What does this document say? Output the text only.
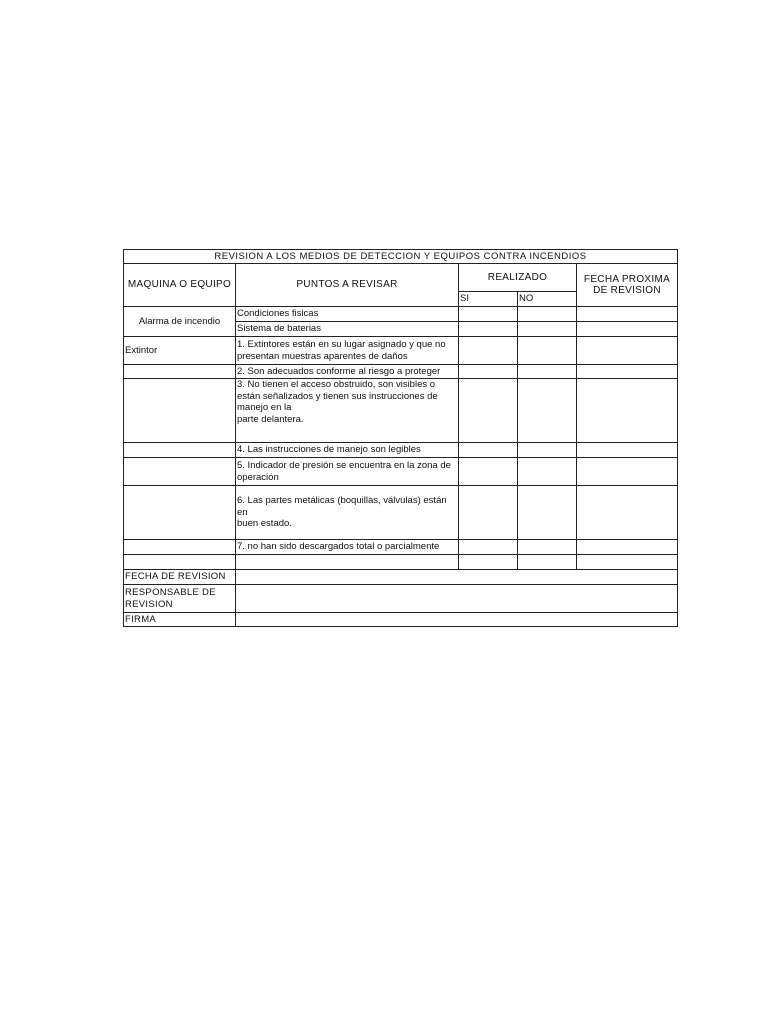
REVISION A LOS MEDIOS DE DETECCION Y EQUIPOS CONTRA INCENDIOS				
MAQUINA O EQUIPO	PUNTOS A REVISAR	REALIZADO		FECHA PROXIMA DE REVISION
		SI	NO	
Alarma de incendio	Condiciones fisicas			
	Sistema de baterias			
Extintor	1. Extintores están en su lugar asignado y que no presentan muestras aparentes de daños			
	2. Son adecuados conforme al riesgo a proteger			
	3. No tienen el acceso obstruido, son visibles o están señalizados y tienen sus instrucciones de manejo en la
parte delantera.			
	4. Las instrucciones de manejo son legibles			
	5. Indicador de presión se encuentra en la zona de operación			
	6. Las partes metálicas (boquillas, válvulas) están en
buen estado.			
	7. no han sido descargados total o parcialmente			

FECHA DE REVISION				
RESPONSABLE DE REVISION				
FIRMA				
